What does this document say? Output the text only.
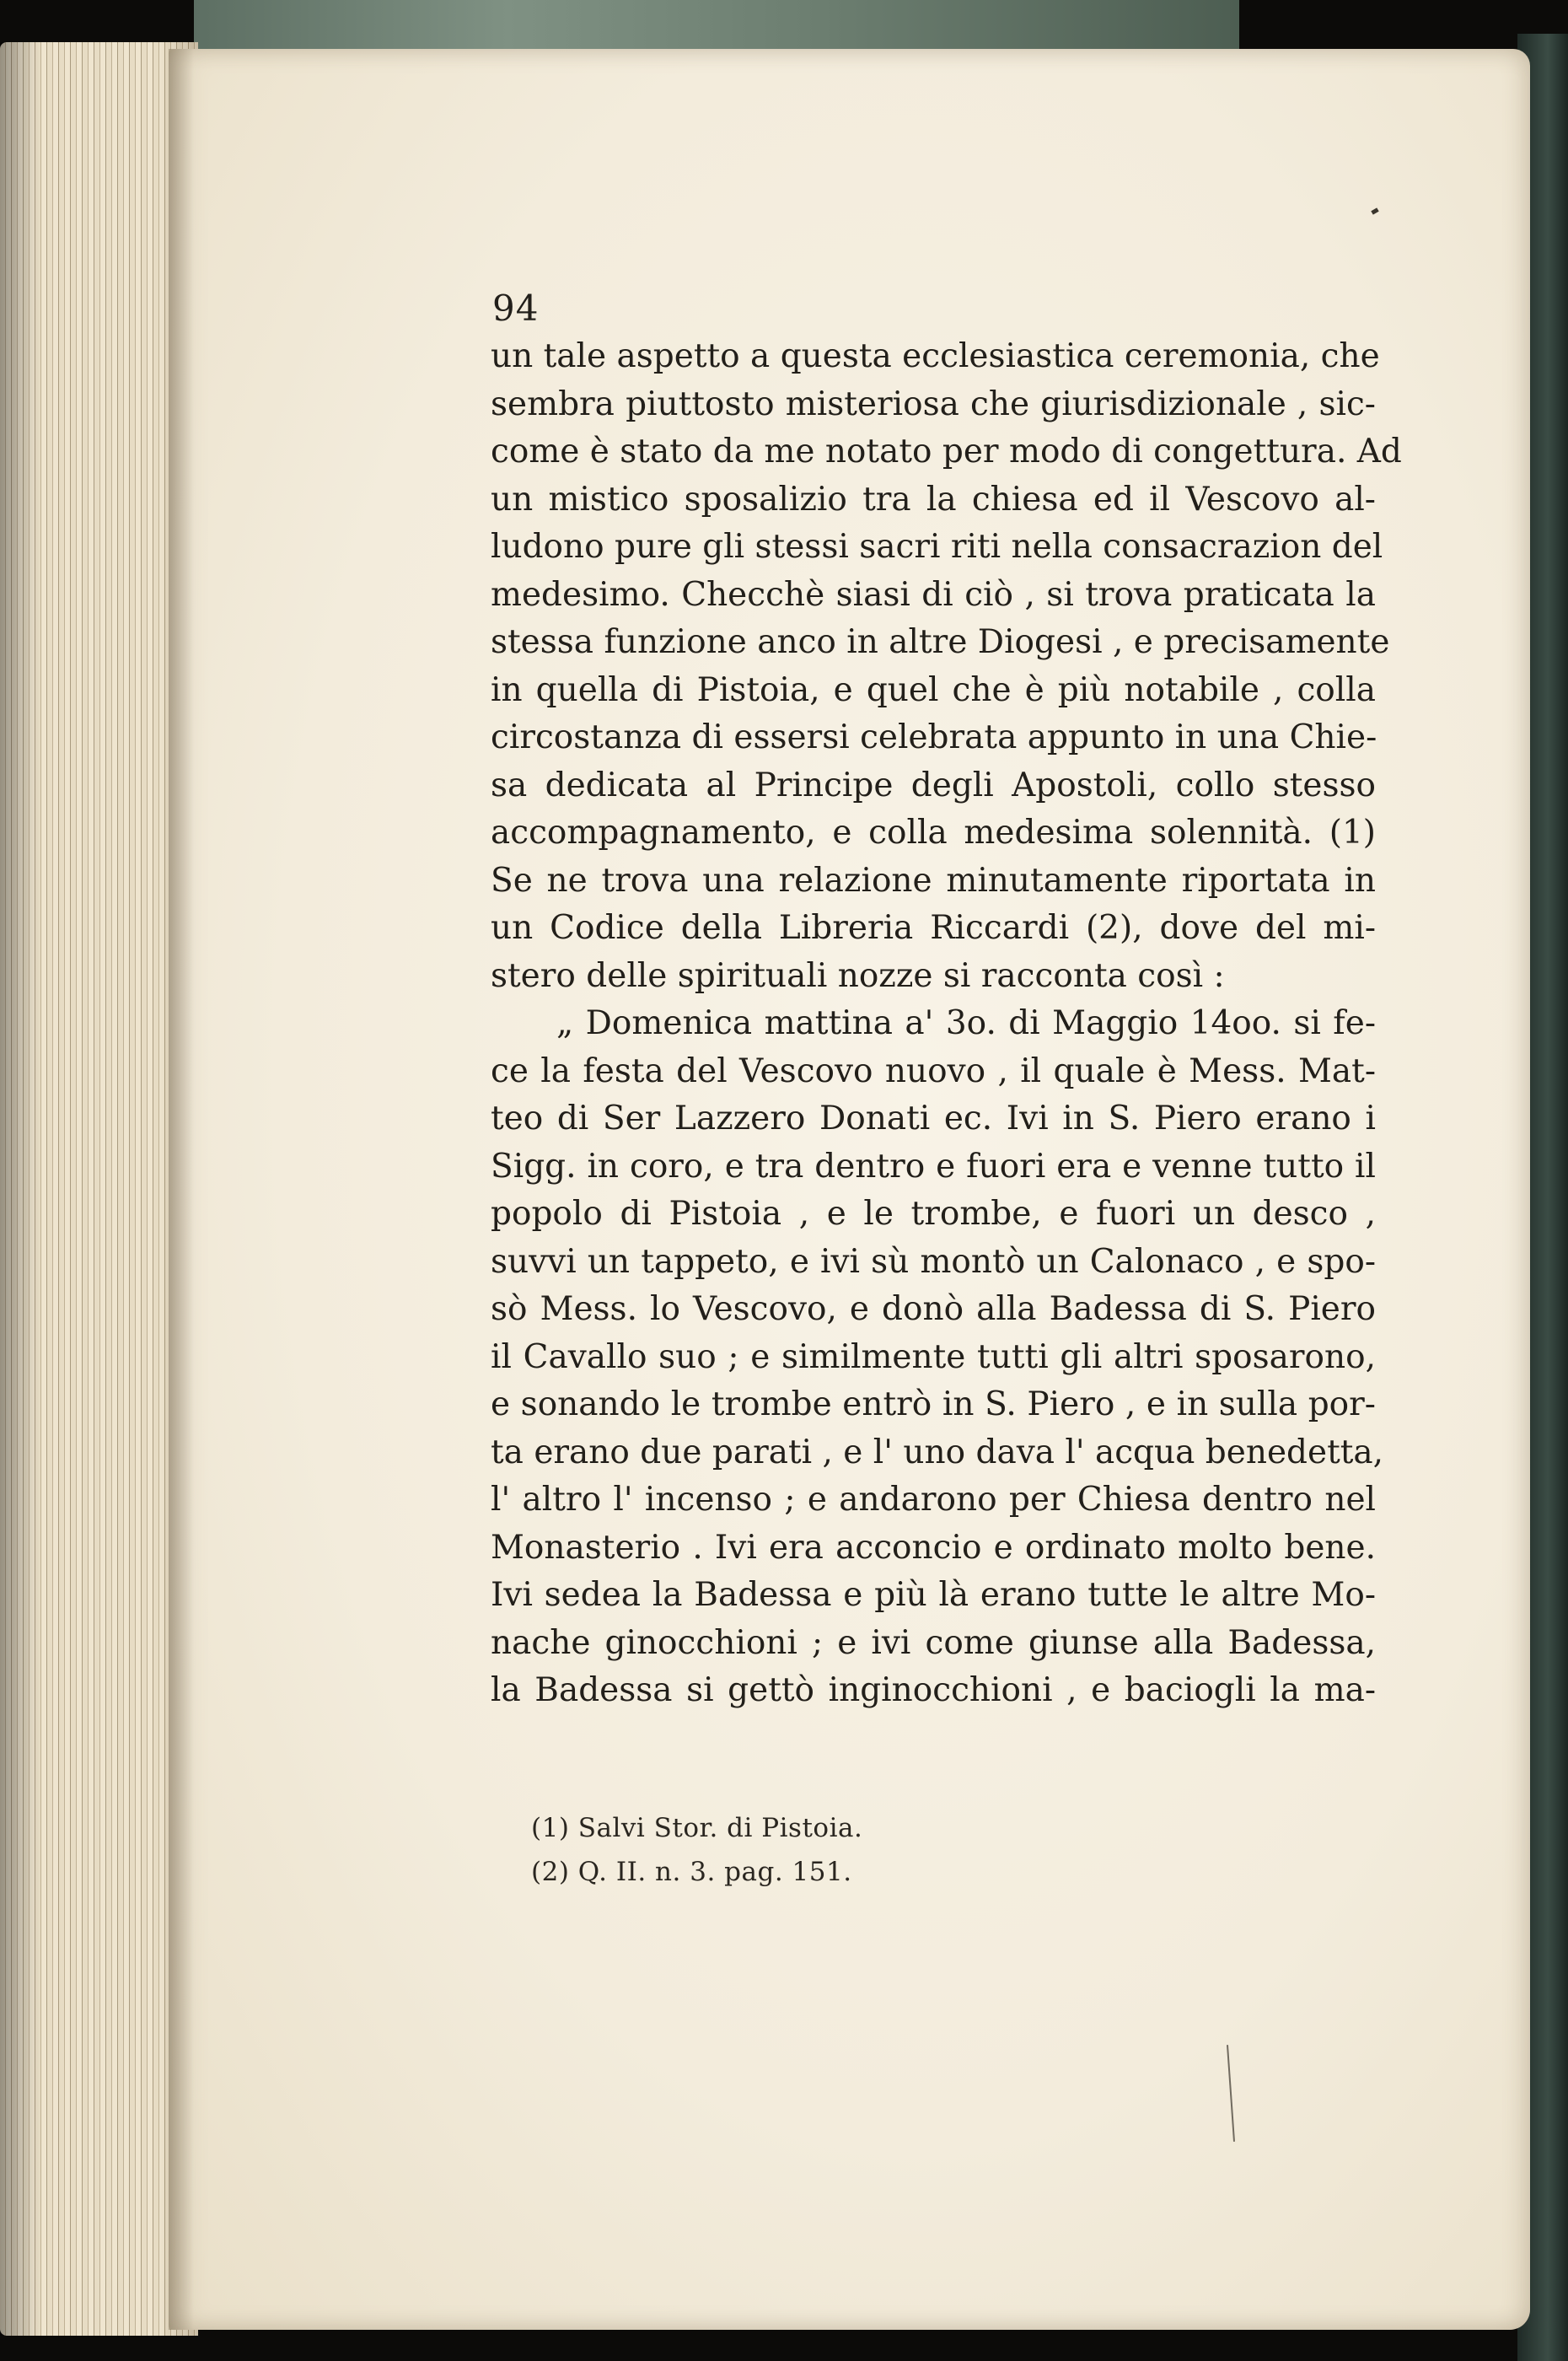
94
un tale aspetto a questa ecclesiastica ceremonia, che
sembra piuttosto misteriosa che giurisdizionale , sic-
come è stato da me notato per modo di congettura. Ad
un mistico sposalizio tra la chiesa ed il Vescovo al-
ludono pure gli stessi sacri riti nella consacrazion del
medesimo. Checchè siasi di ciò , si trova praticata la
stessa funzione anco in altre Diogesi , e precisamente
in quella di Pistoia, e quel che è più notabile , colla
circostanza di essersi celebrata appunto in una Chie-
sa dedicata al Principe degli Apostoli, collo stesso
accompagnamento, e colla medesima solennità. (1)
Se ne trova una relazione minutamente riportata in
un Codice della Libreria Riccardi (2), dove del mi-
stero delle spirituali nozze si racconta così :
„ Domenica mattina a' 3o. di Maggio 14oo. si fe-
ce la festa del Vescovo nuovo , il quale è Mess. Mat-
teo di Ser Lazzero Donati ec. Ivi in S. Piero erano i
Sigg. in coro, e tra dentro e fuori era e venne tutto il
popolo di Pistoia , e le trombe, e fuori un desco ,
suvvi un tappeto, e ivi sù montò un Calonaco , e spo-
sò Mess. lo Vescovo, e donò alla Badessa di S. Piero
il Cavallo suo ; e similmente tutti gli altri sposarono,
e sonando le trombe entrò in S. Piero , e in sulla por-
ta erano due parati , e l' uno dava l' acqua benedetta,
l' altro l' incenso ; e andarono per Chiesa dentro nel
Monasterio . Ivi era acconcio e ordinato molto bene.
Ivi sedea la Badessa e più là erano tutte le altre Mo-
nache ginocchioni ; e ivi come giunse alla Badessa,
la Badessa si gettò inginocchioni , e baciogli la ma-
(1) Salvi Stor. di Pistoia.
(2) Q. II. n. 3. pag. 151.
